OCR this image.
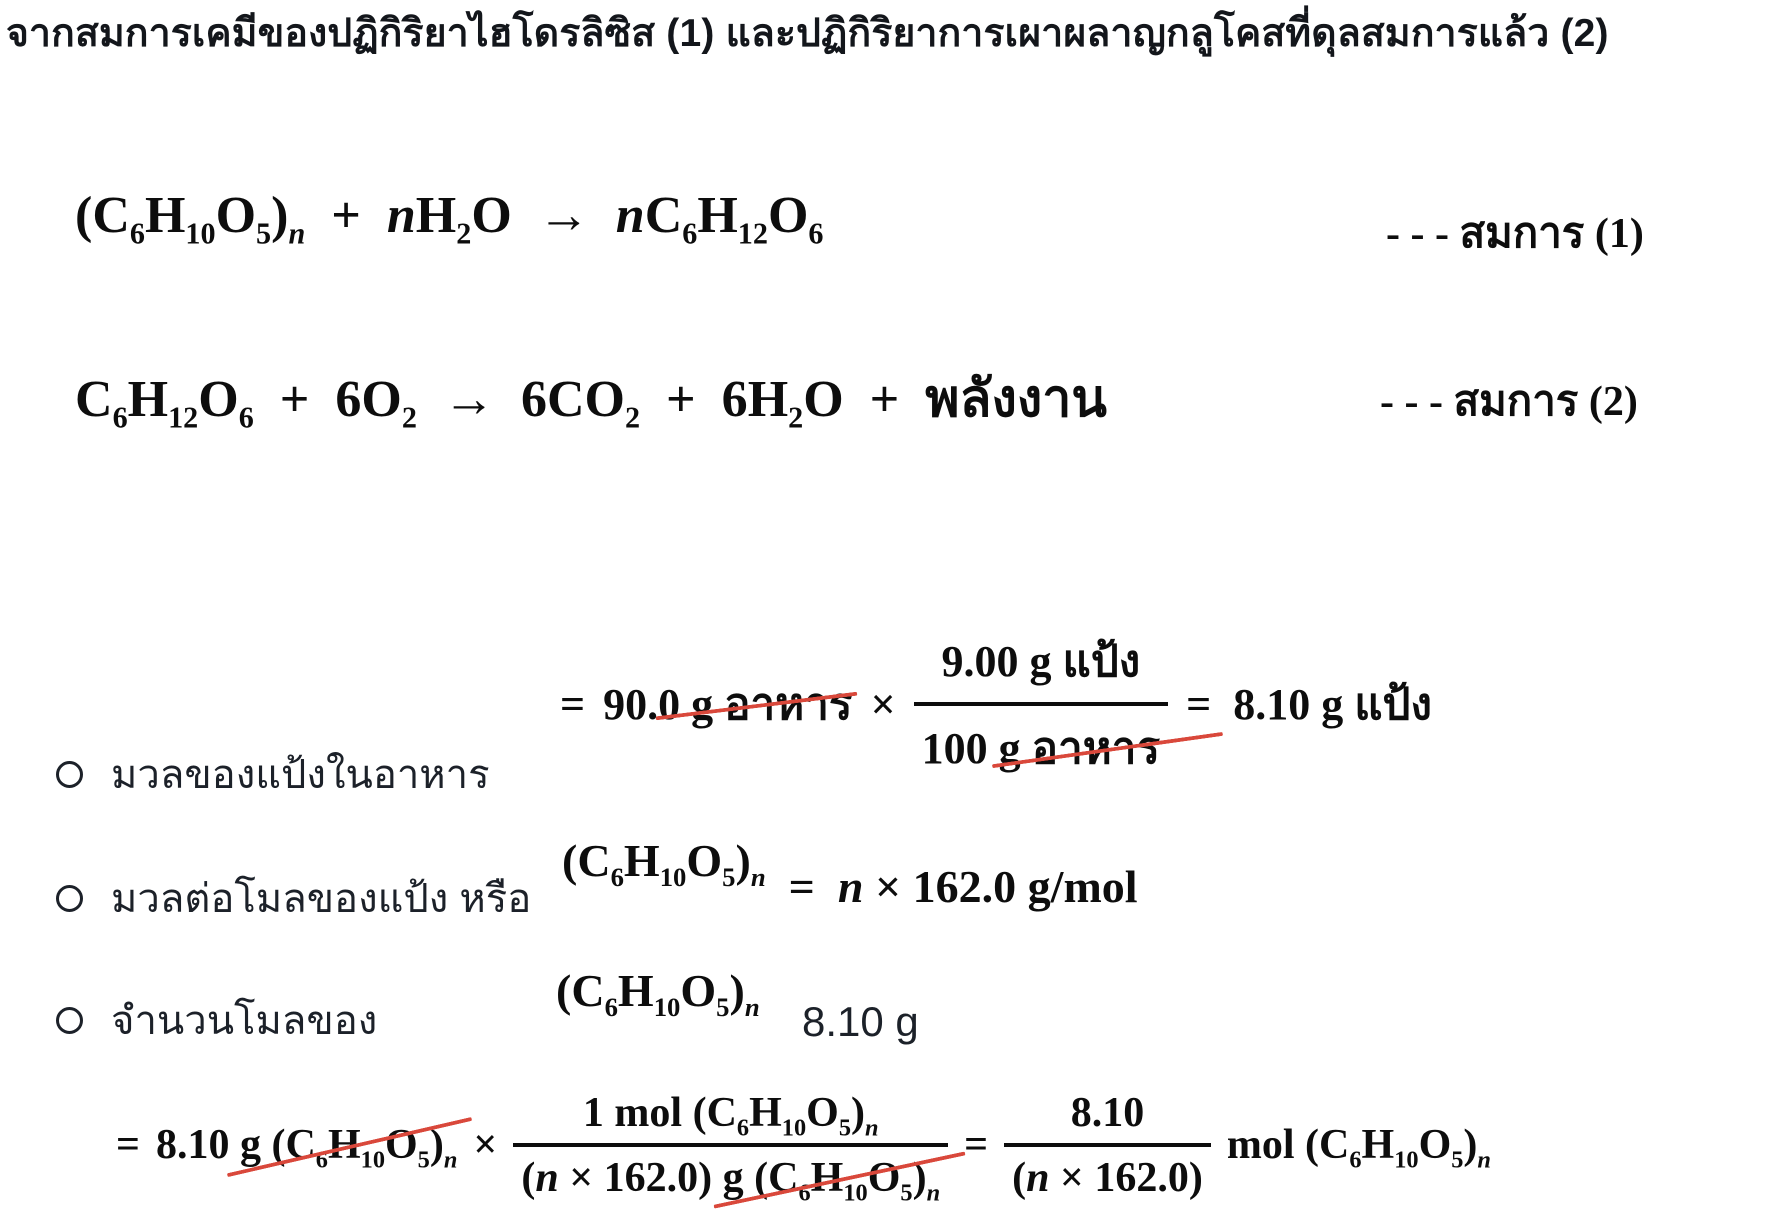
จากสมการเคมีของปฏิกิริยาไฮโดรลิซิส (1) และปฏิกิริยาการเผาผลาญกลูโคสที่ดุลสมการแล้ว (2)
$(C_6H_{10}O_5)_n + nH_2O \to nC_6H_{12}O_6$	- - - สมการ (1)
$C_6H_{12}O_6 + 6O_2 \to 6CO_2 + 6H_2O$  +  พลังงาน	- - - สมการ (2)
= 90.0 g อาหาร × $\frac{\text{9.00 g แป้ง}}{\text{100 g อาหาร}} = 8.10$ g แป้ง
มวลของแป้งในอาหาร
มวลต่อโมลของแป้ง หรือ
$(C_6H_{10}O_5)_n = n \times 162.0$ g/mol
จำนวนโมลของ
$(C_6H_{10}O_5)_n$ 8.10 g
= 8.10 g $(C_6H_{10}O_5)_n \times \frac{1 mol (C_6H_{10}O_5)_n}{(n \times 162.0) g (C_6H_{10}O_5)_n} = \frac{8.10}{(n \times 162.0)}$ mol $(C_6H_{10}O_5)_n$
